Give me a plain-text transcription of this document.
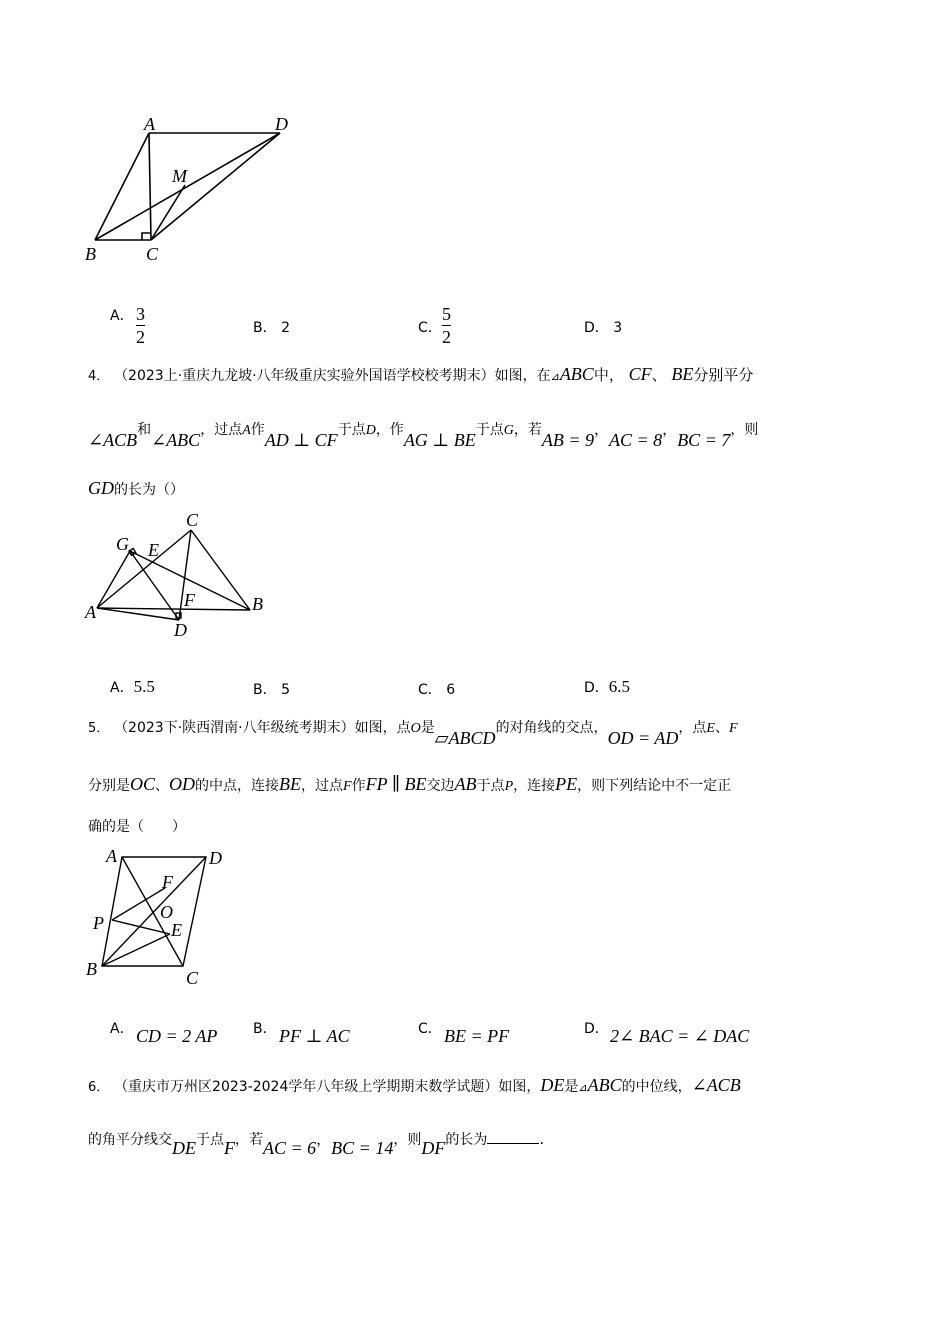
A	D
M
B	C
A． 3
2	B． 2	C．
5
2	D． 3
4． （2023上·重庆九龙坡·八年级重庆实验外国语学校校考期末）如图，在⊿ABC中， CF、 BE分别平分
∠ACB和∠ABC，过点A作AD ⊥ CF于点D，作AG ⊥ BE于点G，若AB = 9，AC = 8，BC = 7，则
GD的长为（）
C
G E
F
A	B
D
A．5.5	B． 5	C． 6	D．6.5
5． （2023下·陕西渭南·八年级统考期末）如图，点O是▱ABCD的对角线的交点，OD = AD，点E、F
分别是OC、OD的中点，连接BE，过点F作FP ∥ BE交边AB于点P，连接PE，则下列结论中不一定正
确的是（　　）
A	D
F
O
P	E
B	C
A． CD = 2 AP	B． PF ⊥ AC	C． BE = PF	D． 2∠ BAC = ∠ DAC
6． （重庆市万州区2023-2024学年八年级上学期期末数学试题）如图，DE是⊿ABC的中位线，∠ACB
的角平分线交DE于点F，若AC = 6，BC = 14，则DF的长为	.
